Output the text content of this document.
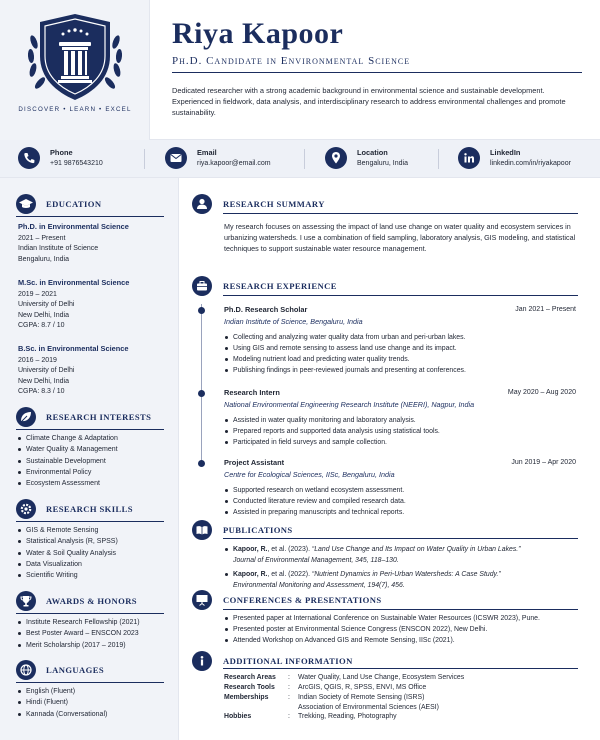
DISCOVER • LEARN • EXCEL
Riya Kapoor
Ph.D. Candidate in Environmental Science
Dedicated researcher with a strong academic background in environmental science and sustainable development. Experienced in fieldwork, data analysis, and interdisciplinary research to address environmental challenges and promote sustainability.
Phone
+91 9876543210
Email
riya.kapoor@email.com
Location
Bengaluru, India
LinkedIn
linkedin.com/in/riyakapoor
EDUCATION
Ph.D. in Environmental Science
2021 – Present
Indian Institute of Science
Bengaluru, India
M.Sc. in Environmental Science
2019 – 2021
University of Delhi
New Delhi, India
CGPA: 8.7 / 10
B.Sc. in Environmental Science
2016 – 2019
University of Delhi
New Delhi, India
CGPA: 8.3 / 10
RESEARCH INTERESTS
Climate Change & Adaptation
Water Quality & Management
Sustainable Development
Environmental Policy
Ecosystem Assessment
RESEARCH SKILLS
GIS & Remote Sensing
Statistical Analysis (R, SPSS)
Water & Soil Quality Analysis
Data Visualization
Scientific Writing
AWARDS & HONORS
Institute Research Fellowship (2021)
Best Poster Award – ENSCON 2023
Merit Scholarship (2017 – 2019)
LANGUAGES
English (Fluent)
Hindi (Fluent)
Kannada (Conversational)
RESEARCH SUMMARY
My research focuses on assessing the impact of land use change on water quality and ecosystem services in urbanizing watersheds. I use a combination of field sampling, laboratory analysis, GIS modeling, and statistical techniques to support sustainable water resource management.
RESEARCH EXPERIENCE
Ph.D. Research Scholar	Jan 2021 – Present
Indian Institute of Science, Bengaluru, India
Collecting and analyzing water quality data from urban and peri-urban lakes.
Using GIS and remote sensing to assess land use change and its impact.
Modeling nutrient load and predicting water quality trends.
Publishing findings in peer-reviewed journals and presenting at conferences.
Research Intern	May 2020 – Aug 2020
National Environmental Engineering Research Institute (NEERI), Nagpur, India
Assisted in water quality monitoring and laboratory analysis.
Prepared reports and supported data analysis using statistical tools.
Participated in field surveys and sample collection.
Project Assistant	Jun 2019 – Apr 2020
Centre for Ecological Sciences, IISc, Bengaluru, India
Supported research on wetland ecosystem assessment.
Conducted literature review and compiled research data.
Assisted in preparing manuscripts and technical reports.
PUBLICATIONS
Kapoor, R., et al. (2023). “Land Use Change and Its Impact on Water Quality in Urban Lakes.”
Journal of Environmental Management, 345, 118–130.
Kapoor, R., et al. (2022). “Nutrient Dynamics in Peri-Urban Watersheds: A Case Study.”
Environmental Monitoring and Assessment, 194(7), 456.
CONFERENCES & PRESENTATIONS
Presented paper at International Conference on Sustainable Water Resources (ICSWR 2023), Pune.
Presented poster at Environmental Science Congress (ENSCON 2022), New Delhi.
Attended Workshop on Advanced GIS and Remote Sensing, IISc (2021).
ADDITIONAL INFORMATION
Research Areas : Water Quality, Land Use Change, Ecosystem Services
Research Tools : ArcGIS, QGIS, R, SPSS, ENVI, MS Office
Memberships	: Indian Society of Remote Sensing (ISRS)
Association of Environmental Sciences (AESI)
Hobbies	: Trekking, Reading, Photography
